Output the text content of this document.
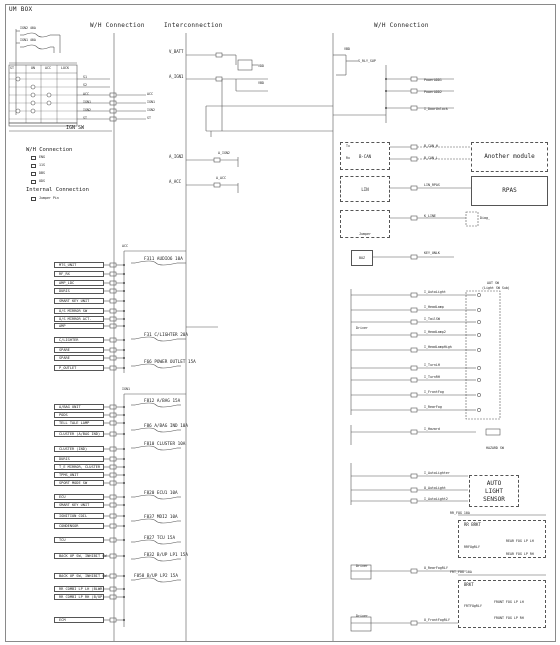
UM BOX
W/H Connection	Interconnection	W/H Connection
IGN2 40A
IGN1 40A
ST	ON	ACC	LOCK
S1
S2
ACC
IGN1
IGN2
ST
ACC
IGN1
IGN2
ST
IGN SW
W/H Connection
ENG
11S
DBS
ODS
Internal Connection
Jumper Pin
V_BATT
A_IGN1
A_IGN2
A_ACC
VDD
VBD
A_IGN2
A_ACC
F311 AUDIO6 10A
F31 C/LIGHTER 20A
F66 POWER OUTLET 15A
F812 A/BAG 15A
F86 A/BAG IND 10A
F810 CLUSTER 10A
F820 ECU1 10A
F837 MDI2 10A
F827 TCU 15A
F832 B/UP LP1 15A
F858 B/UP LP2 15A
ACC
IGN1
VBD
S_RLY_SUP
B-CAN
Tx
Rx
B_CAN_H
B_CAN_L	Another module
LIN
LIN_RPAS
RPAS
Jumper
Diag_
BUZ
AUT SW
(Light SW Sub)
HAZARD SW
AUTO
LIGHT
SENSOR
RR_FOG 10A
RR BRKT
RRFOgRLY
REAR FOG LP LH
REAR FOG LP RH
FRT_FOG 10A
BRKT
FRTFOgRLY
FRONT FOG LP LH
FRONT FOG LP RH
Driver
Driver
Driver
MTS_UNIT
RF_RX
AMP_LDC
DURIS
SMART KEY UNIT
O/S MIRROR SW
O/S MIRROR ACT.
AMP
C/LIGHTER
SPARE
SPARE
P_OUTLET
A/BAG UNIT
PODS
TELL TALE LAMP
CLUSTER (A/BAG IND)
CLUSTER (IND)
DURIS
T_E MIRROR, CLUSTER
TPMS_UNIT
SPORT MODE SW
ECU
SMART KEY UNIT
IGNITION COIL
CONDENSOR
TCU
BACK UP SW, INHIBIT SW
BACK UP SW, INHIBIT SW
RR COMBI LP LH (BLWR)
RR COMBI LP RH (B/UP)
ECM
PowerADD1
PowerADD2
I_DoorUnlock
K_LINE
KEY_UNLK
I_AutoLight
I_HeadLamp
I_TailSW
I_HeadLamp2
I_HeadLampHigh
I_TurnLH
I_TurnRH
I_FrontFog
I_RearFog
I_Hazard
I_AutoLighter
O_AutoLight
I_AutoLight2
O_RearFogRLY
O_FrontFogRLY
